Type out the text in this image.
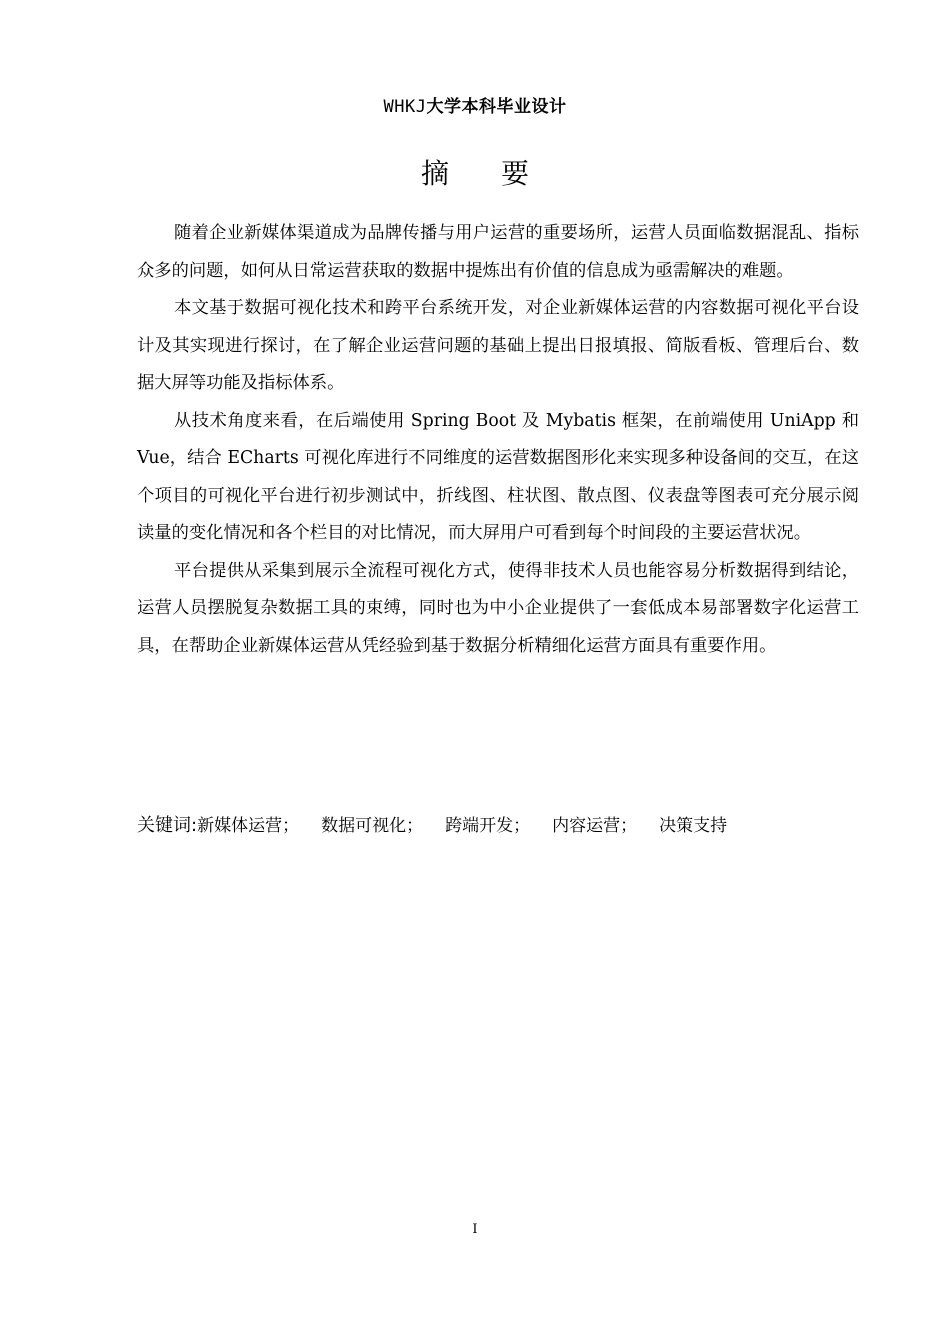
WHKJ大学本科毕业设计
摘要

随着企业新媒体渠道成为品牌传播与用户运营的重要场所，运营人员面临数据混乱、指标众多的问题，如何从日常运营获取的数据中提炼出有价值的信息成为亟需解决的难题。

本文基于数据可视化技术和跨平台系统开发，对企业新媒体运营的内容数据可视化平台设计及其实现进行探讨，在了解企业运营问题的基础上提出日报填报、简版看板、管理后台、数据大屏等功能及指标体系。

从技术角度来看，在后端使用 Spring Boot 及 Mybatis 框架，在前端使用 UniApp 和 Vue，结合 ECharts 可视化库进行不同维度的运营数据图形化来实现多种设备间的交互，在这个项目的可视化平台进行初步测试中，折线图、柱状图、散点图、仪表盘等图表可充分展示阅读量的变化情况和各个栏目的对比情况，而大屏用户可看到每个时间段的主要运营状况。

平台提供从采集到展示全流程可视化方式，使得非技术人员也能容易分析数据得到结论，运营人员摆脱复杂数据工具的束缚，同时也为中小企业提供了一套低成本易部署数字化运营工具，在帮助企业新媒体运营从凭经验到基于数据分析精细化运营方面具有重要作用。

关键词:新媒体运营； 数据可视化； 跨端开发； 内容运营； 决策支持
I
